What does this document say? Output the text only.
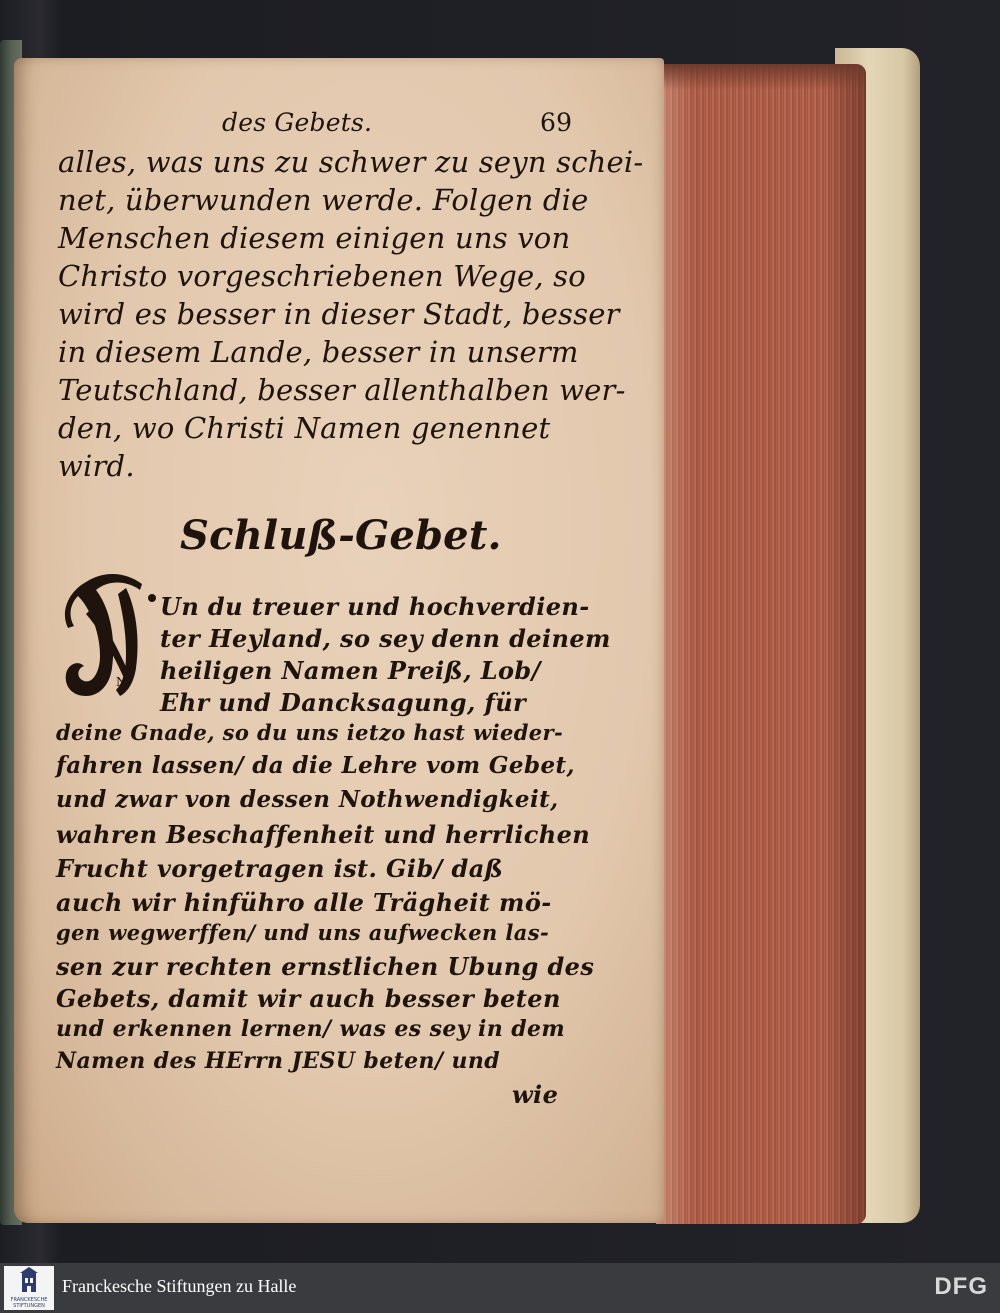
des Gebets.	69
alles, was uns zu schwer zu seyn schei-
net, überwunden werde. Folgen die
Menschen diesem einigen uns von
Christo vorgeschriebenen Wege, so
wird es besser in dieser Stadt, besser
in diesem Lande, besser in unserm
Teutschland, besser allenthalben wer-
den, wo Christi Namen genennet
wird.
Schluß-Gebet.
N
Un du treuer und hochverdien-
ter Heyland, so sey denn deinem
heiligen Namen Preiß, Lob/
Ehr und Dancksagung, für
deine Gnade, so du uns ietzo hast wieder-
fahren lassen/ da die Lehre vom Gebet,
und zwar von dessen Nothwendigkeit,
wahren Beschaffenheit und herrlichen
Frucht vorgetragen ist. Gib/ daß
auch wir hinführo alle Trägheit mö-
gen wegwerffen/ und uns aufwecken las-
sen zur rechten ernstlichen Ubung des
Gebets, damit wir auch besser beten
und erkennen lernen/ was es sey in dem
Namen des HErrn JESU beten/ und
wie
FRANCKESCHE
STIFTUNGEN
Franckesche Stiftungen zu Halle	DFG
